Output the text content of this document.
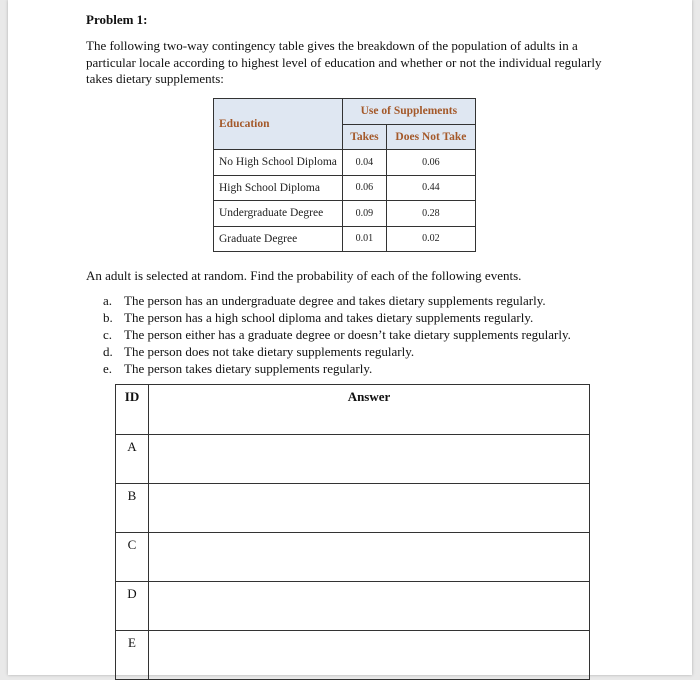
Problem 1:
The following two-way contingency table gives the breakdown of the population of adults in a particular locale according to highest level of education and whether or not the individual regularly takes dietary supplements:
Education	Use of Supplements	
	Takes	Does Not Take
No High School Diploma	0.04	0.06
High School Diploma	0.06	0.44
Undergraduate Degree	0.09	0.28
Graduate Degree	0.01	0.02
An adult is selected at random. Find the probability of each of the following events.
a. The person has an undergraduate degree and takes dietary supplements regularly.
b. The person has a high school diploma and takes dietary supplements regularly.
c. The person either has a graduate degree or doesn’t take dietary supplements regularly.
d. The person does not take dietary supplements regularly.
e. The person takes dietary supplements regularly.
ID	Answer
A	
B	
C	
D	
E	
